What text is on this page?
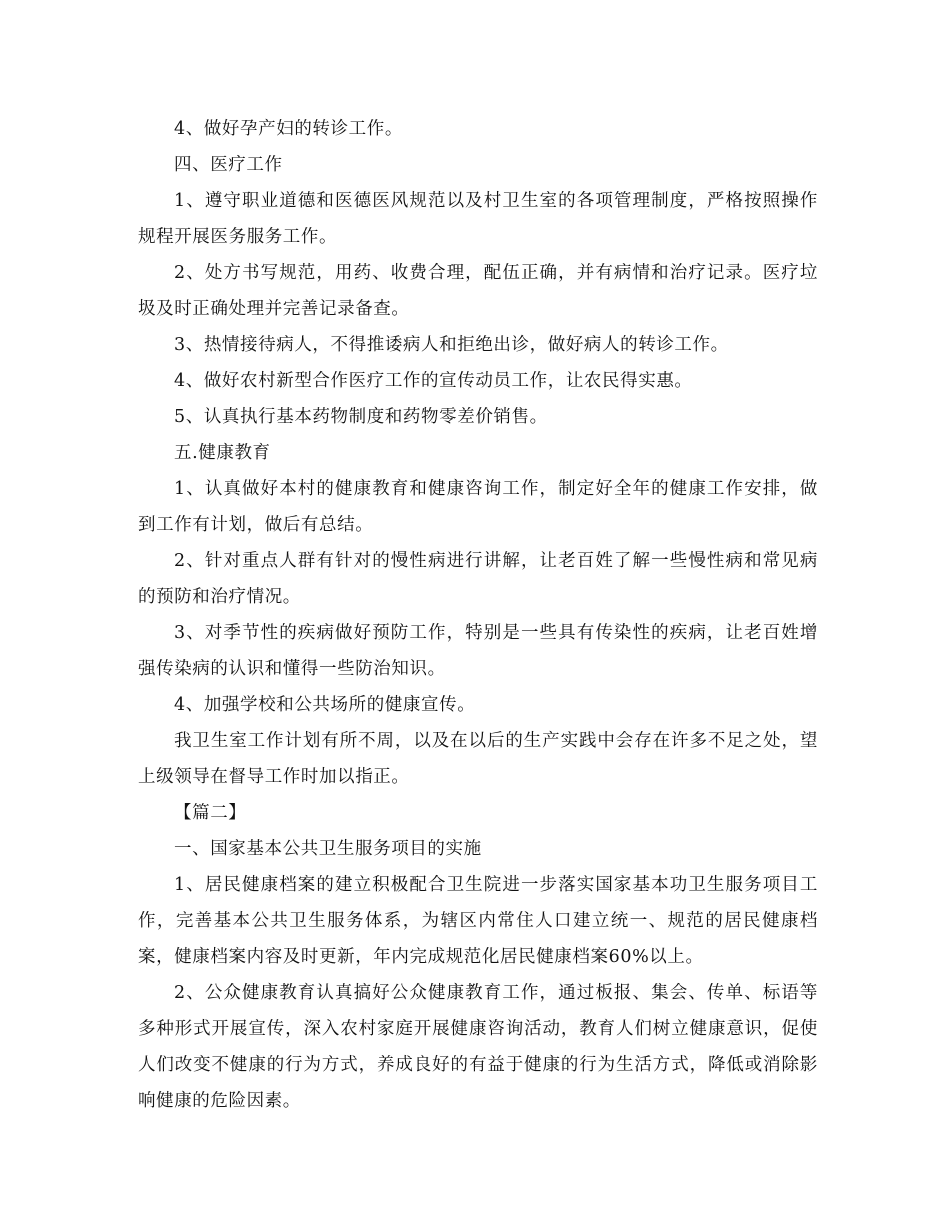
4、做好孕产妇的转诊工作。

四、医疗工作

1、遵守职业道德和医德医风规范以及村卫生室的各项管理制度，严格按照操作规程开展医务服务工作。

2、处方书写规范，用药、收费合理，配伍正确，并有病情和治疗记录。医疗垃圾及时正确处理并完善记录备查。

3、热情接待病人，不得推诿病人和拒绝出诊，做好病人的转诊工作。

4、做好农村新型合作医疗工作的宣传动员工作，让农民得实惠。

5、认真执行基本药物制度和药物零差价销售。

五.健康教育

1、认真做好本村的健康教育和健康咨询工作，制定好全年的健康工作安排，做到工作有计划，做后有总结。

2、针对重点人群有针对的慢性病进行讲解，让老百姓了解一些慢性病和常见病的预防和治疗情况。

3、对季节性的疾病做好预防工作，特别是一些具有传染性的疾病，让老百姓增强传染病的认识和懂得一些防治知识。

4、加强学校和公共场所的健康宣传。

我卫生室工作计划有所不周，以及在以后的生产实践中会存在许多不足之处，望上级领导在督导工作时加以指正。

【篇二】

一、国家基本公共卫生服务项目的实施

1、居民健康档案的建立积极配合卫生院进一步落实国家基本功卫生服务项目工作，完善基本公共卫生服务体系，为辖区内常住人口建立统一、规范的居民健康档案，健康档案内容及时更新，年内完成规范化居民健康档案60%以上。

2、公众健康教育认真搞好公众健康教育工作，通过板报、集会、传单、标语等多种形式开展宣传，深入农村家庭开展健康咨询活动，教育人们树立健康意识，促使人们改变不健康的行为方式，养成良好的有益于健康的行为生活方式，降低或消除影响健康的危险因素。
